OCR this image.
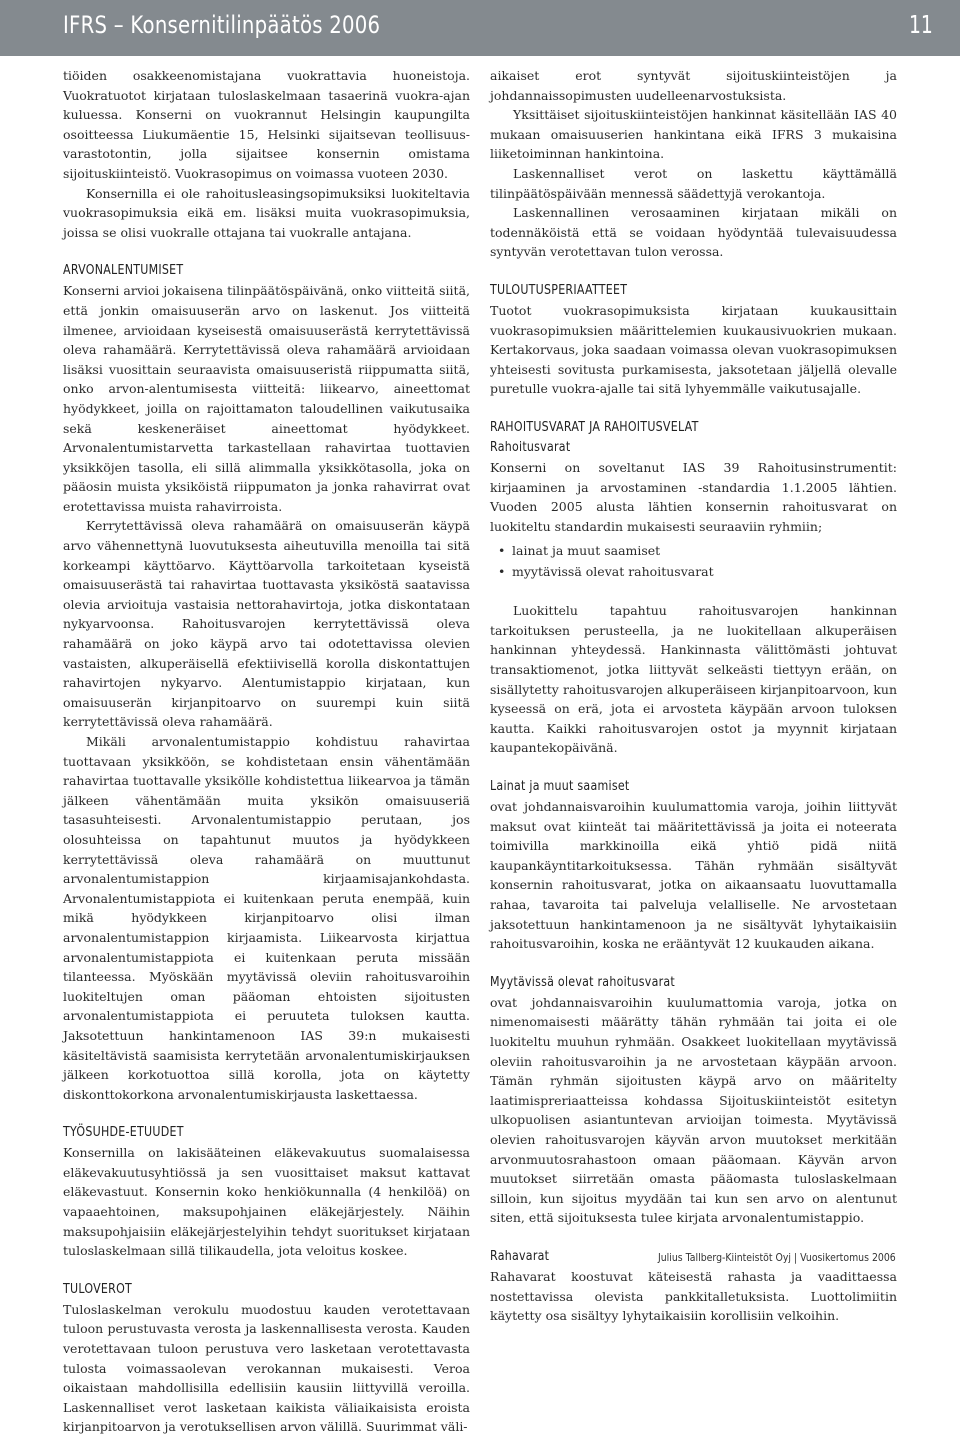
IFRS – Konsernitilinpäätös 2006	11

tiöiden osakkeenomistajana vuokrattavia huoneistoja. Vuokratuotot kirjataan tuloslaskelmaan tasaerinä vuokra-ajan kuluessa. Konserni on vuokrannut Helsingin kaupungilta osoitteessa Liukumäentie 15, Helsinki sijaitsevan teollisuus-varastotontin, jolla sijaitsee konsernin omistama sijoituskiinteistö. Vuokrasopimus on voimassa vuoteen 2030.

Konsernilla ei ole rahoitusleasingsopimuksiksi luokiteltavia vuokrasopimuksia eikä em. lisäksi muita vuokrasopimuksia, joissa se olisi vuokralle ottajana tai vuokralle antajana.

ARVONALENTUMISET

Konserni arvioi jokaisena tilinpäätöspäivänä, onko viitteitä siitä, että jonkin omaisuuserän arvo on laskenut. Jos viitteitä ilmenee, arvioidaan kyseisestä omaisuuserästä kerrytettävissä oleva rahamäärä. Kerrytettävissä oleva rahamäärä arvioidaan lisäksi vuosittain seuraavista omaisuuseristä riippumatta siitä, onko arvon-alentumisesta viitteitä: liikearvo, aineettomat hyödykkeet, joilla on rajoittamaton taloudellinen vaikutusaika sekä keskeneräiset aineettomat hyödykkeet. Arvonalentumistarvetta tarkastellaan rahavirtaa tuottavien yksikköjen tasolla, eli sillä alimmalla yksikkötasolla, joka on pääosin muista yksiköistä riippumaton ja jonka rahavirrat ovat erotettavissa muista rahavirroista.

Kerrytettävissä oleva rahamäärä on omaisuuserän käypä arvo vähennettynä luovutuksesta aiheutuvilla menoilla tai sitä korkeampi käyttöarvo. Käyttöarvolla tarkoitetaan kyseistä omaisuuserästä tai rahavirtaa tuottavasta yksiköstä saatavissa olevia arvioituja vastaisia nettorahavirtoja, jotka diskontataan nykyarvoonsa. Rahoitusvarojen kerrytettävissä oleva rahamäärä on joko käypä arvo tai odotettavissa olevien vastaisten, alkuperäisellä efektiivisellä korolla diskontattujen rahavirtojen nykyarvo. Alentumistappio kirjataan, kun omaisuuserän kirjanpitoarvo on suurempi kuin siitä kerrytettävissä oleva rahamäärä.

Mikäli arvonalentumistappio kohdistuu rahavirtaa tuottavaan yksikköön, se kohdistetaan ensin vähentämään rahavirtaa tuottavalle yksikölle kohdistettua liikearvoa ja tämän jälkeen vähentämään muita yksikön omaisuuseriä tasasuhteisesti. Arvonalentumistappio perutaan, jos olosuhteissa on tapahtunut muutos ja hyödykkeen kerrytettävissä oleva rahamäärä on muuttunut arvonalentumistappion kirjaamisajankohdasta. Arvonalentumistappiota ei kuitenkaan peruta enempää, kuin mikä hyödykkeen kirjanpitoarvo olisi ilman arvonalentumistappion kirjaamista. Liikearvosta kirjattua arvonalentumistappiota ei kuitenkaan peruta missään tilanteessa. Myöskään myytävissä oleviin rahoitusvaroihin luokiteltujen oman pääoman ehtoisten sijoitusten arvonalentumistappiota ei peruuteta tuloksen kautta. Jaksotettuun hankintamenoon IAS 39:n mukaisesti käsiteltävistä saamisista kerrytetään arvonalentumiskirjauksen jälkeen korkotuottoa sillä korolla, jota on käytetty diskonttokorkona arvonalentumiskirjausta laskettaessa.

TYÖSUHDE-ETUUDET

Konsernilla on lakisääteinen eläkevakuutus suomalaisessa eläkevakuutusyhtiössä ja sen vuosittaiset maksut kattavat eläkevastuut. Konsernin koko henkiökunnalla (4 henkilöä) on vapaaehtoinen, maksupohjainen eläkejärjestely. Näihin maksupohjaisiin eläkejärjestelyihin tehdyt suoritukset kirjataan tuloslaskelmaan sillä tilikaudella, jota veloitus koskee.

TULOVEROT

Tuloslaskelman verokulu muodostuu kauden verotettavaan tuloon perustuvasta verosta ja laskennallisesta verosta. Kauden verotettavaan tuloon perustuva vero lasketaan verotettavasta tulosta voimassaolevan verokannan mukaisesti. Veroa oikaistaan mahdollisilla edellisiin kausiin liittyvillä veroilla. Laskennalliset verot lasketaan kaikista väliaikaisista eroista kirjanpitoarvon ja verotuksellisen arvon välillä. Suurimmat väli-

aikaiset erot syntyvät sijoituskiinteistöjen ja johdannaissopimusten uudelleenarvostuksista.

Yksittäiset sijoituskiinteistöjen hankinnat käsitellään IAS 40 mukaan omaisuuserien hankintana eikä IFRS 3 mukaisina liiketoiminnan hankintoina.

Laskennalliset verot on laskettu käyttämällä tilinpäätöspäivään mennessä säädettyjä verokantoja.

Laskennallinen verosaaminen kirjataan mikäli on todennäköistä että se voidaan hyödyntää tulevaisuudessa syntyvän verotettavan tulon verossa.

TULOUTUSPERIAATTEET

Tuotot vuokrasopimuksista kirjataan kuukausittain vuokrasopimuksien määrittelemien kuukausivuokrien mukaan. Kertakorvaus, joka saadaan voimassa olevan vuokrasopimuksen yhteisesti sovitusta purkamisesta, jaksotetaan jäljellä olevalle puretulle vuokra-ajalle tai sitä lyhyemmälle vaikutusajalle.

RAHOITUSVARAT JA RAHOITUSVELAT
Rahoitusvarat

Konserni on soveltanut IAS 39 Rahoitusinstrumentit: kirjaaminen ja arvostaminen -standardia 1.1.2005 lähtien. Vuoden 2005 alusta lähtien konsernin rahoitusvarat on luokiteltu standardin mukaisesti seuraaviin ryhmiin;

• lainat ja muut saamiset
• myytävissä olevat rahoitusvarat

Luokittelu tapahtuu rahoitusvarojen hankinnan tarkoituksen perusteella, ja ne luokitellaan alkuperäisen hankinnan yhteydessä. Hankinnasta välittömästi johtuvat transaktiomenot, jotka liittyvät selkeästi tiettyyn erään, on sisällytetty rahoitusvarojen alkuperäiseen kirjanpitoarvoon, kun kyseessä on erä, jota ei arvosteta käypään arvoon tuloksen kautta. Kaikki rahoitusvarojen ostot ja myynnit kirjataan kaupantekopäivänä.

Lainat ja muut saamiset

ovat johdannaisvaroihin kuulumattomia varoja, joihin liittyvät maksut ovat kiinteät tai määritettävissä ja joita ei noteerata toimivilla markkinoilla eikä yhtiö pidä niitä kaupankäyntitarkoituksessa. Tähän ryhmään sisältyvät konsernin rahoitusvarat, jotka on aikaansaatu luovuttamalla rahaa, tavaroita tai palveluja velalliselle. Ne arvostetaan jaksotettuun hankintamenoon ja ne sisältyvät lyhytaikaisiin rahoitusvaroihin, koska ne erääntyvät 12 kuukauden aikana.

Myytävissä olevat rahoitusvarat

ovat johdannaisvaroihin kuulumattomia varoja, jotka on nimenomaisesti määrätty tähän ryhmään tai joita ei ole luokiteltu muuhun ryhmään. Osakkeet luokitellaan myytävissä oleviin rahoitusvaroihin ja ne arvostetaan käypään arvoon. Tämän ryhmän sijoitusten käypä arvo on määritelty laatimispreriaatteissa kohdassa Sijoituskiinteistöt esitetyn ulkopuolisen asiantuntevan arvioijan toimesta. Myytävissä olevien rahoitusvarojen käyvän arvon muutokset merkitään arvonmuutosrahastoon omaan pääomaan. Käyvän arvon muutokset siirretään omasta pääomasta tuloslaskelmaan silloin, kun sijoitus myydään tai kun sen arvo on alentunut siten, että sijoituksesta tulee kirjata arvonalentumistappio.

Rahavarat

Rahavarat koostuvat käteisestä rahasta ja vaadittaessa nostettavissa olevista pankkitalletuksista. Luottolimiitin käytetty osa sisältyy lyhytaikaisiin korollisiin velkoihin.

Julius Tallberg-Kiinteistöt Oyj | Vuosikertomus 2006
